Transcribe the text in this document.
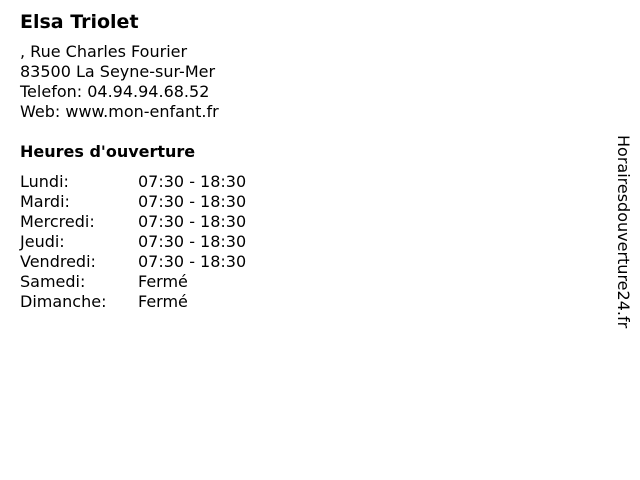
Elsa Triolet
, Rue Charles Fourier
83500 La Seyne-sur-Mer
Telefon: 04.94.94.68.52
Web: www.mon-enfant.fr
Heures d'ouverture
Lundi:	07:30 - 18:30
Mardi:	07:30 - 18:30
Mercredi:	07:30 - 18:30
Jeudi:	07:30 - 18:30
Vendredi:	07:30 - 18:30
Samedi:	Fermé
Dimanche:	Fermé	Horairesdouverture24.fr
